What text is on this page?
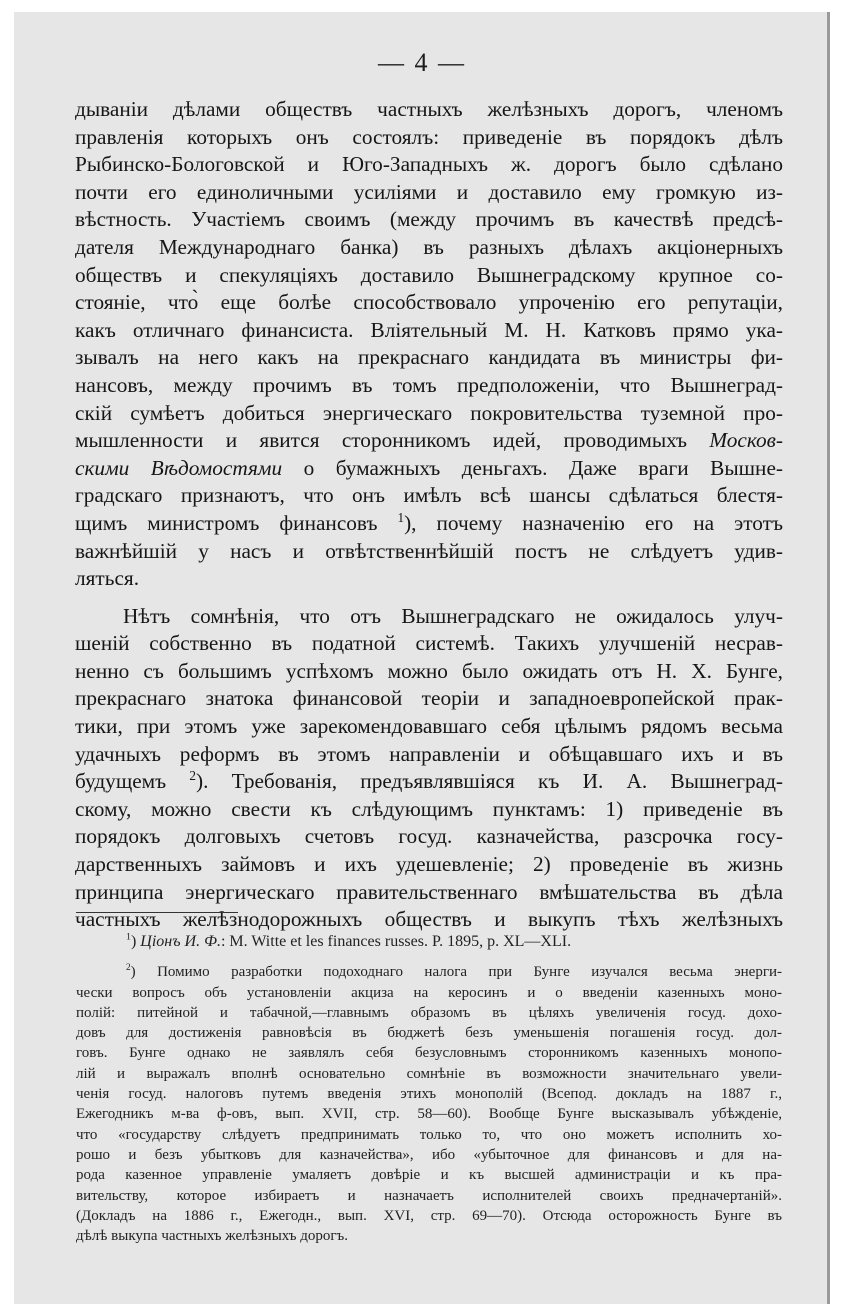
— 4 —
дываніи дѣлами обществъ частныхъ желѣзныхъ дорогъ, членомъ
правленія которыхъ онъ состоялъ: приведеніе въ порядокъ дѣлъ
Рыбинско-Бологовской и Юго-Западныхъ ж. дорогъ было сдѣлано
почти его единоличными усиліями и доставило ему громкую из-
вѣстность. Участіемъ своимъ (между прочимъ въ качествѣ предсѣ-
дателя Международнаго банка) въ разныхъ дѣлахъ акціонерныхъ
обществъ и спекуляціяхъ доставило Вышнеградскому крупное со-
стояніе, что̀ еще болѣе способствовало упроченію его репутаціи,
какъ отличнаго финансиста. Вліятельный М. Н. Катковъ прямо ука-
зывалъ на него какъ на прекраснаго кандидата въ министры фи-
нансовъ, между прочимъ въ томъ предположеніи, что Вышнеград-
скій сумѣетъ добиться энергическаго покровительства туземной про-
мышленности и явится сторонникомъ идей, проводимыхъ Москов-
скими Вѣдомостями о бумажныхъ деньгахъ. Даже враги Вышне-
градскаго признаютъ, что онъ имѣлъ всѣ шансы сдѣлаться блестя-
щимъ министромъ финансовъ $^1$), почему назначенію его на этотъ
важнѣйшій у насъ и отвѣтственнѣйшій постъ не слѣдуетъ удив-
ляться.
Нѣтъ сомнѣнія, что отъ Вышнеградскаго не ожидалось улуч-
шеній собственно въ податной системѣ. Такихъ улучшеній несрав-
ненно съ большимъ успѣхомъ можно было ожидать отъ Н. Х. Бунге,
прекраснаго знатока финансовой теоріи и западноевропейской прак-
тики, при этомъ уже зарекомендовавшаго себя цѣлымъ рядомъ весьма
удачныхъ реформъ въ этомъ направленіи и обѣщавшаго ихъ и въ
будущемъ $^2$). Требованія, предъявлявшіяся къ И. А. Вышнеград-
скому, можно свести къ слѣдующимъ пунктамъ: 1) приведеніе въ
порядокъ долговыхъ счетовъ госуд. казначейства, разсрочка госу-
дарственныхъ займовъ и ихъ удешевленіе; 2) проведеніе въ жизнь
принципа энергическаго правительственнаго вмѣшательства въ дѣла
частныхъ желѣзнодорожныхъ обществъ и выкупъ тѣхъ желѣзныхъ

$^1$) Ціонъ И. Ф.: M. Witte et les finances russes. P. 1895, p. XL—XLI.

$^2$) Помимо разработки подоходнаго налога при Бунге изучался весьма энерги-
чески вопросъ объ установленіи акциза на керосинъ и о введеніи казенныхъ моно-
полій: питейной и табачной,—главнымъ образомъ въ цѣляхъ увеличенія госуд. дохо-
довъ для достиженія равновѣсія въ бюджетѣ безъ уменьшенія погашенія госуд. дол-
говъ. Бунге однако не заявлялъ себя безусловнымъ сторонникомъ казенныхъ монопо-
лій и выражалъ вполнѣ основательно сомнѣніе въ возможности значительнаго увели-
ченія госуд. налоговъ путемъ введенія этихъ монополій (Всепод. докладъ на 1887 г.,
Ежегодникъ м-ва ф-овъ, вып. XVII, стр. 58—60). Вообще Бунге высказывалъ убѣжденіе,
что «государству слѣдуетъ предпринимать только то, что оно можетъ исполнить хо-
рошо и безъ убытковъ для казначейства», ибо «убыточное для финансовъ и для на-
рода казенное управленіе умаляетъ довѣріе и къ высшей администраціи и къ пра-
вительству, которое избираетъ и назначаетъ исполнителей своихъ предначертаній».
(Докладъ на 1886 г., Ежегодн., вып. XVI, стр. 69—70). Отсюда осторожность Бунге въ
дѣлѣ выкупа частныхъ желѣзныхъ дорогъ.
